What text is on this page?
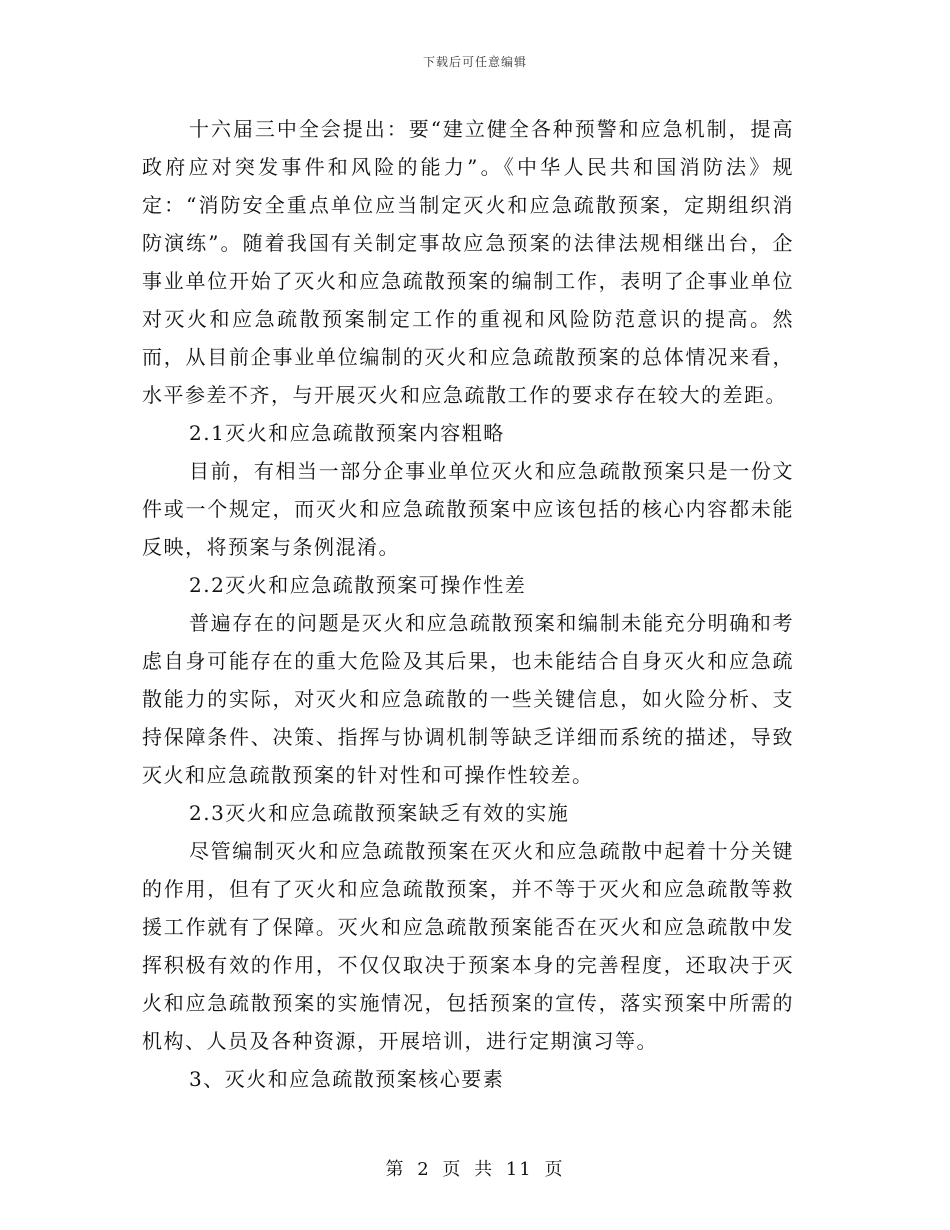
下载后可任意编辑

十六届三中全会提出：要“建立健全各种预警和应急机制，提高政府应对突发事件和风险的能力”。《中华人民共和国消防法》规定：“消防安全重点单位应当制定灭火和应急疏散预案，定期组织消防演练”。随着我国有关制定事故应急预案的法律法规相继出台，企事业单位开始了灭火和应急疏散预案的编制工作，表明了企事业单位对灭火和应急疏散预案制定工作的重视和风险防范意识的提高。然而，从目前企事业单位编制的灭火和应急疏散预案的总体情况来看，水平参差不齐，与开展灭火和应急疏散工作的要求存在较大的差距。

2.1灭火和应急疏散预案内容粗略

目前，有相当一部分企事业单位灭火和应急疏散预案只是一份文件或一个规定，而灭火和应急疏散预案中应该包括的核心内容都未能反映，将预案与条例混淆。

2.2灭火和应急疏散预案可操作性差

普遍存在的问题是灭火和应急疏散预案和编制未能充分明确和考虑自身可能存在的重大危险及其后果，也未能结合自身灭火和应急疏散能力的实际，对灭火和应急疏散的一些关键信息，如火险分析、支持保障条件、决策、指挥与协调机制等缺乏详细而系统的描述，导致灭火和应急疏散预案的针对性和可操作性较差。

2.3灭火和应急疏散预案缺乏有效的实施

尽管编制灭火和应急疏散预案在灭火和应急疏散中起着十分关键的作用，但有了灭火和应急疏散预案，并不等于灭火和应急疏散等救援工作就有了保障。灭火和应急疏散预案能否在灭火和应急疏散中发挥积极有效的作用，不仅仅取决于预案本身的完善程度，还取决于灭火和应急疏散预案的实施情况，包括预案的宣传，落实预案中所需的机构、人员及各种资源，开展培训，进行定期演习等。

3、灭火和应急疏散预案核心要素

第 2 页 共 11 页
